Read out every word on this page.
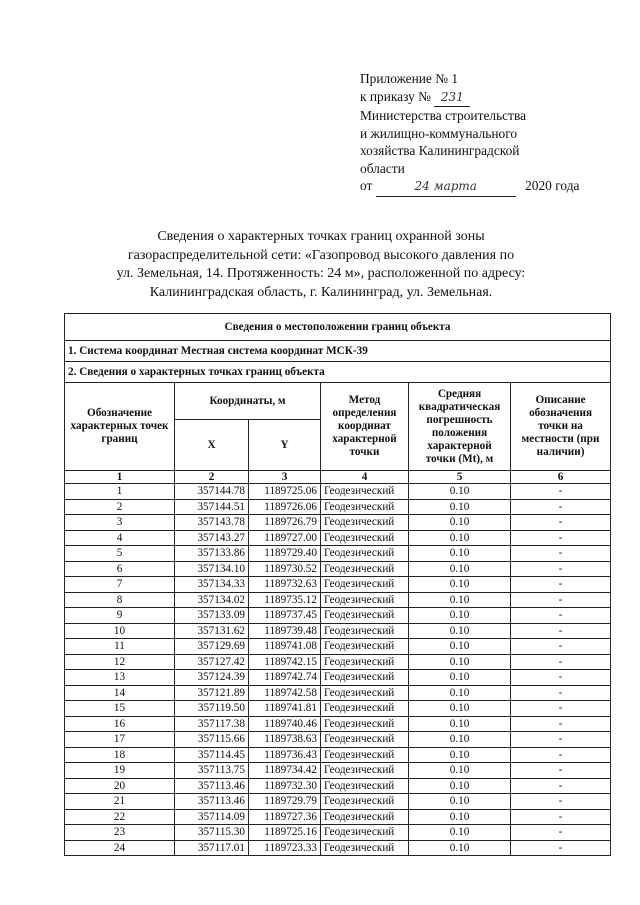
Приложение № 1
к приказу № 231
Министерства строительства
и жилищно-коммунального
хозяйства Калининградской
области
от	24 марта	2020 года
Сведения о характерных точках границ охранной зоны
газораспределительной сети: «Газопровод высокого давления по
ул. Земельная, 14. Протяженность: 24 м», расположенной по адресу:
Калининградская область, г. Калининград, ул. Земельная.
Сведения о местоположении границ объекта					
1. Система координат Местная система координат МСК-39					
2. Сведения о характерных точках границ объекта					
Обозначение характерных точек границ	Координаты, м		Метод определения координат характерной точки	Средняя квадратическая погрешность положения характерной точки (Mt), м	Описание обозначения точки на местности (при наличии)
	X	Y			
1	2	3	4	5	6
1	357144.78	1189725.06	Геодезический	0.10	-
2	357144.51	1189726.06	Геодезический	0.10	-
3	357143.78	1189726.79	Геодезический	0.10	-
4	357143.27	1189727.00	Геодезический	0.10	-
5	357133.86	1189729.40	Геодезический	0.10	-
6	357134.10	1189730.52	Геодезический	0.10	-
7	357134.33	1189732.63	Геодезический	0.10	-
8	357134.02	1189735.12	Геодезический	0.10	-
9	357133.09	1189737.45	Геодезический	0.10	-
10	357131.62	1189739.48	Геодезический	0.10	-
11	357129.69	1189741.08	Геодезический	0.10	-
12	357127.42	1189742.15	Геодезический	0.10	-
13	357124.39	1189742.74	Геодезический	0.10	-
14	357121.89	1189742.58	Геодезический	0.10	-
15	357119.50	1189741.81	Геодезический	0.10	-
16	357117.38	1189740.46	Геодезический	0.10	-
17	357115.66	1189738.63	Геодезический	0.10	-
18	357114.45	1189736.43	Геодезический	0.10	-
19	357113.75	1189734.42	Геодезический	0.10	-
20	357113.46	1189732.30	Геодезический	0.10	-
21	357113.46	1189729.79	Геодезический	0.10	-
22	357114.09	1189727.36	Геодезический	0.10	-
23	357115.30	1189725.16	Геодезический	0.10	-
24	357117.01	1189723.33	Геодезический	0.10	-
